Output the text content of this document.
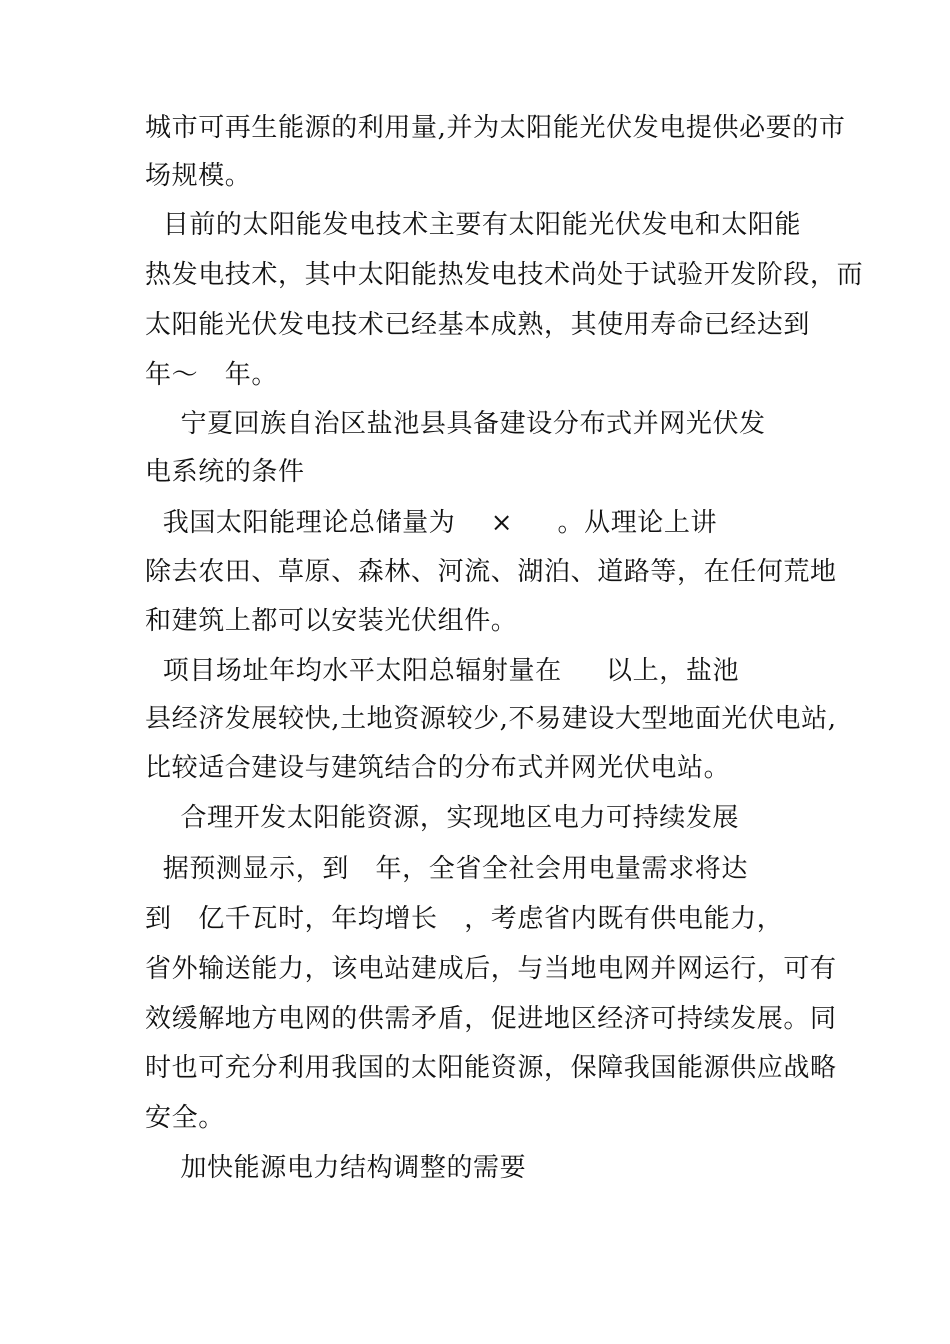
城市可再生能源的利用量,并为太阳能光伏发电提供必要的市
场规模。
目前的太阳能发电技术主要有太阳能光伏发电和太阳能
热发电技术，其中太阳能热发电技术尚处于试验开发阶段，而
太阳能光伏发电技术已经基本成熟，其使用寿命已经达到
年～   年。
宁夏回族自治区盐池县具备建设分布式并网光伏发
电系统的条件
我国太阳能理论总储量为    ×     。从理论上讲
除去农田、草原、森林、河流、湖泊、道路等，在任何荒地
和建筑上都可以安装光伏组件。
项目场址年均水平太阳总辐射量在     以上，盐池
县经济发展较快,土地资源较少,不易建设大型地面光伏电站,
比较适合建设与建筑结合的分布式并网光伏电站。
合理开发太阳能资源，实现地区电力可持续发展
据预测显示，到   年，全省全社会用电量需求将达
到   亿千瓦时，年均增长   ，考虑省内既有供电能力，
省外输送能力，该电站建成后，与当地电网并网运行，可有
效缓解地方电网的供需矛盾，促进地区经济可持续发展。同
时也可充分利用我国的太阳能资源，保障我国能源供应战略
安全。
加快能源电力结构调整的需要
